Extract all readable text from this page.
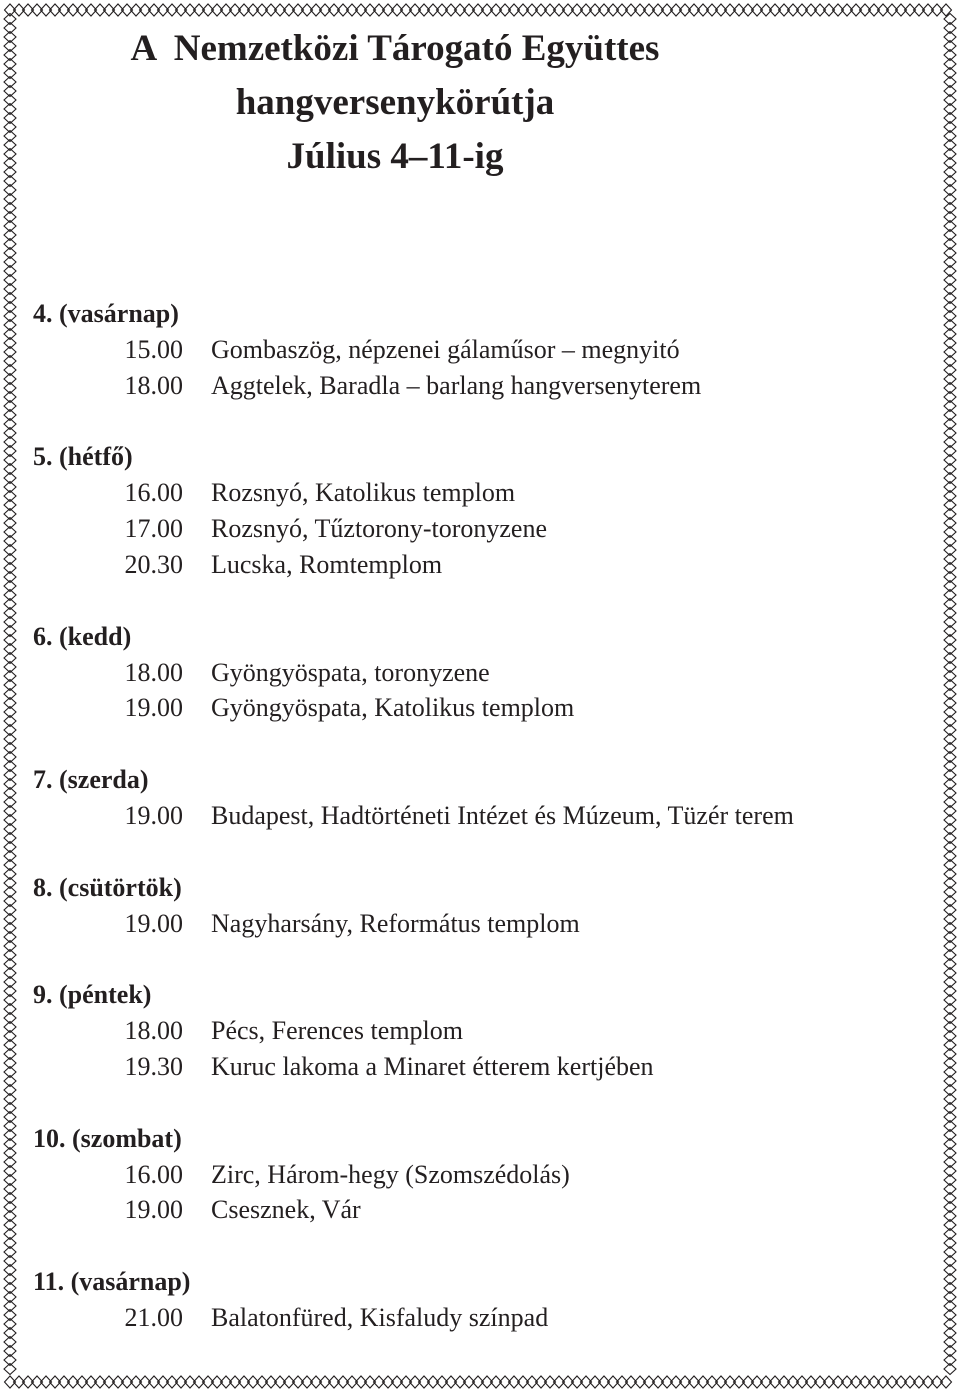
A  Nemzetközi Tárogató Együttes
hangversenykörútja
Július 4–11-ig
4. (vasárnap)
15.00 Gombaszög, népzenei gálaműsor – megnyitó
18.00 Aggtelek, Baradla – barlang hangversenyterem
5. (hétfő)
16.00 Rozsnyó, Katolikus templom
17.00 Rozsnyó, Tűztorony-toronyzene
20.30 Lucska, Romtemplom
6. (kedd)
18.00 Gyöngyöspata, toronyzene
19.00 Gyöngyöspata, Katolikus templom
7. (szerda)
19.00 Budapest, Hadtörténeti Intézet és Múzeum, Tüzér terem
8. (csütörtök)
19.00 Nagyharsány, Református templom
9. (péntek)
18.00 Pécs, Ferences templom
19.30 Kuruc lakoma a Minaret étterem kertjében
10. (szombat)
16.00 Zirc, Három-hegy (Szomszédolás)
19.00 Csesznek, Vár
11. (vasárnap)
21.00 Balatonfüred, Kisfaludy színpad
